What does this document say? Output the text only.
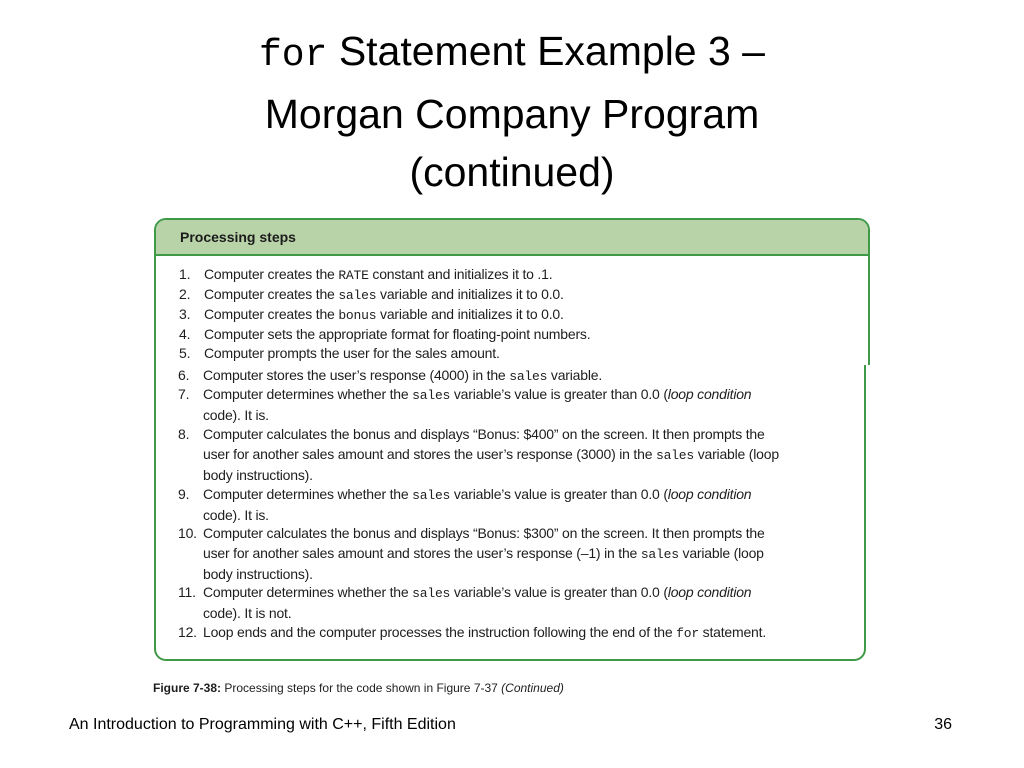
for Statement Example 3 –
Morgan Company Program
(continued)
Processing steps
1. Computer creates the RATE constant and initializes it to .1.
2. Computer creates the sales variable and initializes it to 0.0.
3. Computer creates the bonus variable and initializes it to 0.0.
4. Computer sets the appropriate format for floating-point numbers.
5. Computer prompts the user for the sales amount.
6. Computer stores the user’s response (4000) in the sales variable.
7. Computer determines whether the sales variable’s value is greater than 0.0 (loop condition
code). It is.
8. Computer calculates the bonus and displays “Bonus: $400” on the screen. It then prompts the
user for another sales amount and stores the user’s response (3000) in the sales variable (loop
body instructions).
9. Computer determines whether the sales variable’s value is greater than 0.0 (loop condition
code). It is.
10. Computer calculates the bonus and displays “Bonus: $300” on the screen. It then prompts the
user for another sales amount and stores the user’s response (–1) in the sales variable (loop
body instructions).
11. Computer determines whether the sales variable’s value is greater than 0.0 (loop condition
code). It is not.
12. Loop ends and the computer processes the instruction following the end of the for statement.
Figure 7-38: Processing steps for the code shown in Figure 7-37 (Continued)
An Introduction to Programming with C++, Fifth Edition	36
